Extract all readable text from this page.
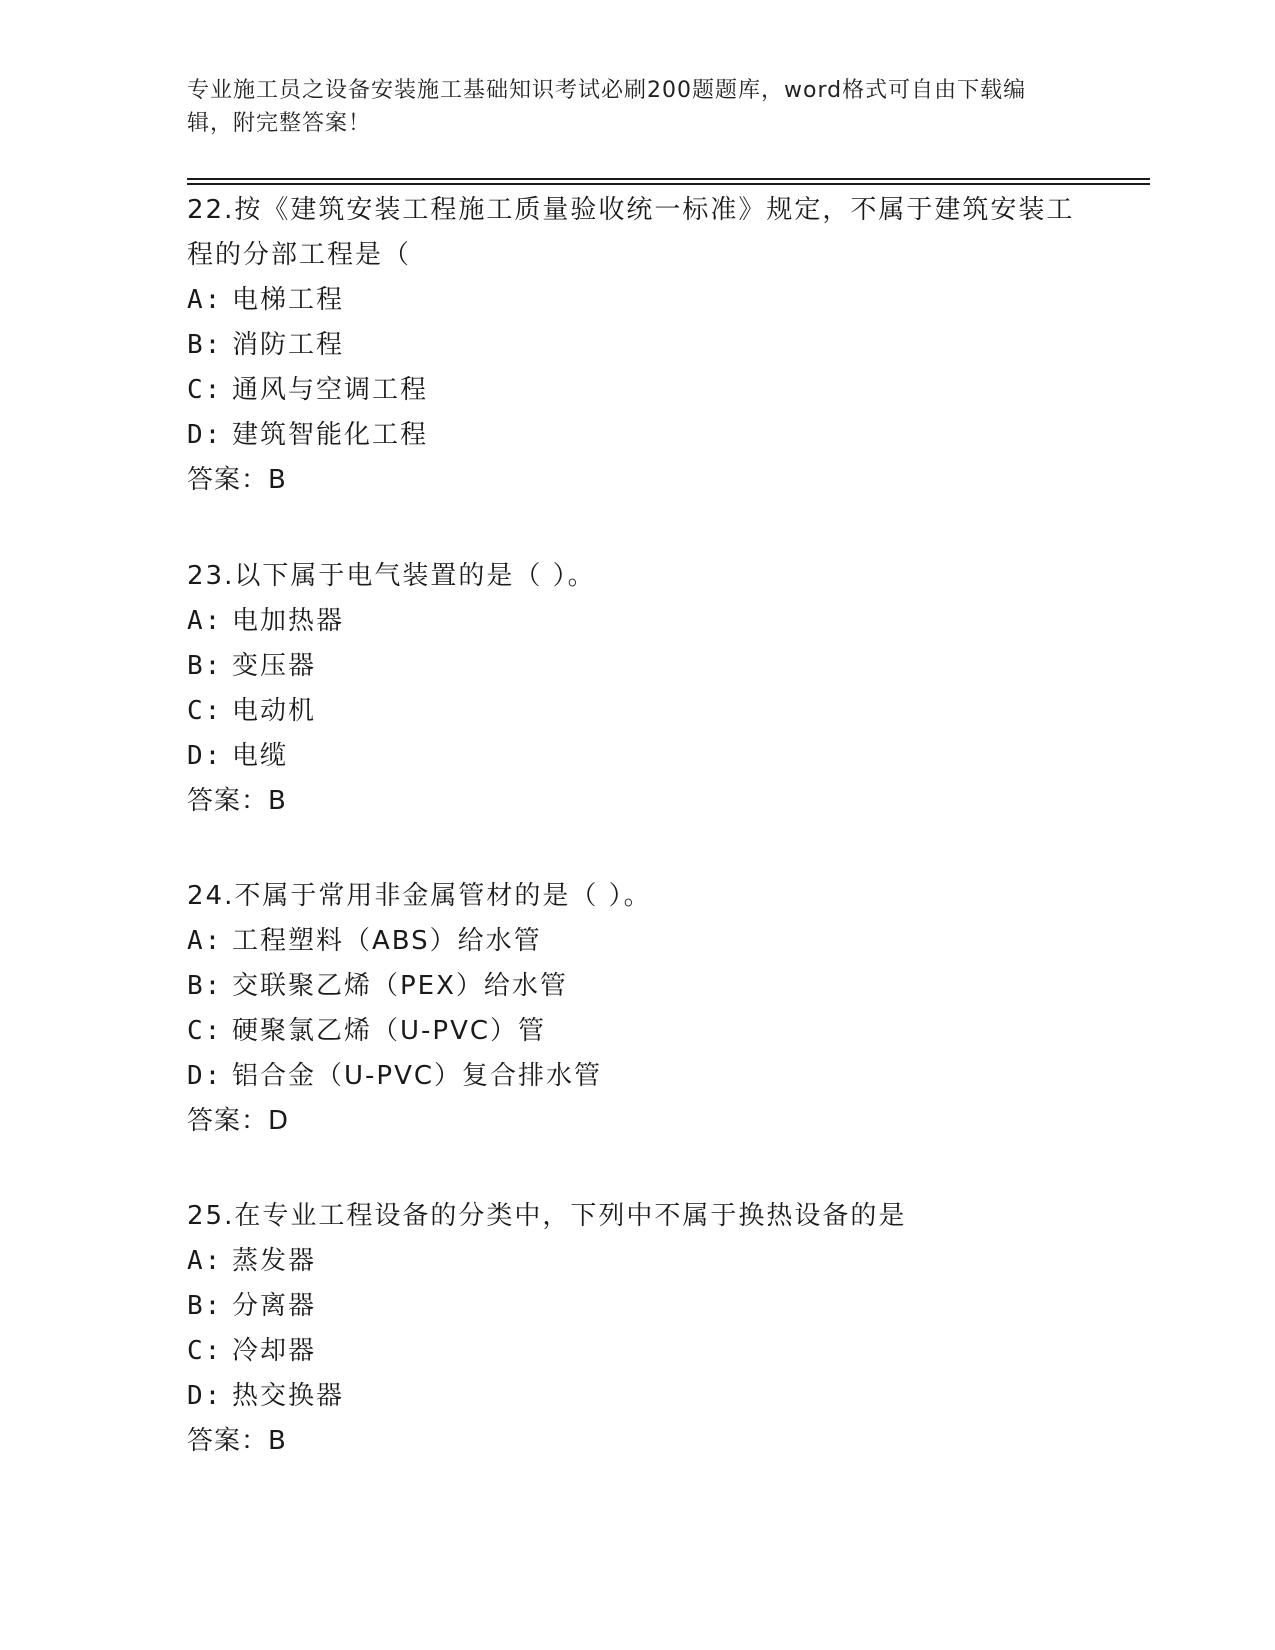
专业施工员之设备安装施工基础知识考试必刷200题题库，word格式可自由下载编辑，附完整答案！

22.按《建筑安装工程施工质量验收统一标准》规定，不属于建筑安装工程的分部工程是（

A: 电梯工程

B: 消防工程

C: 通风与空调工程

D: 建筑智能化工程

答案：B

23.以下属于电气装置的是（ ）。

A: 电加热器

B: 变压器

C: 电动机

D: 电缆

答案：B

24.不属于常用非金属管材的是（ ）。

A: 工程塑料（ABS）给水管

B: 交联聚乙烯（PEX）给水管

C: 硬聚氯乙烯（U-PVC）管

D: 铝合金（U-PVC）复合排水管

答案：D

25.在专业工程设备的分类中，下列中不属于换热设备的是

A: 蒸发器

B: 分离器

C: 冷却器

D: 热交换器

答案：B
